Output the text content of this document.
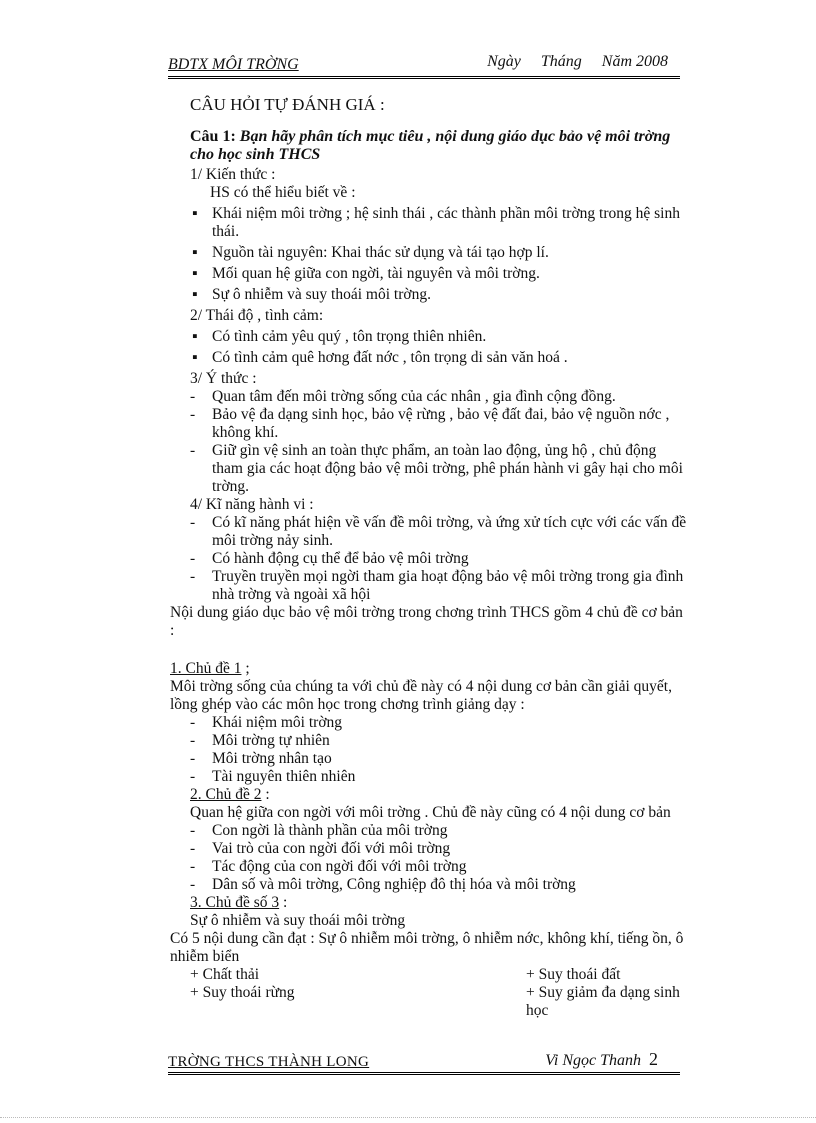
BDTX MÔI TRỜNG	Ngày Tháng Năm 2008
CÂU HỎI TỰ ĐÁNH GIÁ :
Câu 1: Bạn hãy phân tích mục tiêu , nội dung giáo dục bảo vệ môi trờng cho học sinh THCS
1/ Kiến thức :
HS có thể hiểu biết về :
▪ Khái niệm môi trờng ; hệ sinh thái , các thành phần môi trờng trong hệ sinh thái.
▪ Nguồn tài nguyên: Khai thác sử dụng và tái tạo hợp lí.
▪ Mối quan hệ giữa con ngời, tài nguyên và môi trờng.
▪ Sự ô nhiễm và suy thoái môi trờng.
2/ Thái độ , tình cảm:
▪ Có tình cảm yêu quý , tôn trọng thiên nhiên.
▪ Có tình cảm quê hơng đất nớc , tôn trọng di sản văn hoá .
3/ Ý thức :
- Quan tâm đến môi trờng sống của các nhân , gia đình cộng đồng.
- Bảo vệ đa dạng sinh học, bảo vệ rừng , bảo vệ đất đai, bảo vệ nguồn nớc , không khí.
- Giữ gìn vệ sinh an toàn thực phẩm, an toàn lao động, ủng hộ , chủ động tham gia các hoạt động bảo vệ môi trờng, phê phán hành vi gây hại cho môi trờng.
4/ Kĩ năng hành vi :
- Có kĩ năng phát hiện về vấn đề môi trờng, và ứng xử tích cực với các vấn đề môi trờng nảy sinh.
- Có hành động cụ thể để bảo vệ môi trờng
- Truyền truyền mọi ngời tham gia hoạt động bảo vệ môi trờng trong gia đình nhà trờng và ngoài xã hội
Nội dung giáo dục bảo vệ môi trờng trong chơng trình THCS gồm 4 chủ đề cơ bản :
1. Chủ đề 1 ;
Môi trờng sống của chúng ta với chủ đề này có 4 nội dung cơ bản cần giải quyết, lồng ghép vào các môn học trong chơng trình giảng dạy :
- Khái niệm môi trờng
- Môi trờng tự nhiên
- Môi trờng nhân tạo
- Tài nguyên thiên nhiên
2. Chủ đề 2 :
Quan hệ giữa con ngời với môi trờng . Chủ đề này cũng có 4 nội dung cơ bản
- Con ngời là thành phần của môi trờng
- Vai trò của con ngời đối với môi trờng
- Tác động của con ngời đối với môi trờng
- Dân số và môi trờng, Công nghiệp đô thị hóa và môi trờng
3. Chủ đề số 3 :
Sự ô nhiễm và suy thoái môi trờng
Có 5 nội dung cần đạt : Sự ô nhiễm môi trờng, ô nhiễm nớc, không khí, tiếng ồn, ô nhiễm biển
+ Chất thải	+ Suy thoái đất
+ Suy thoái rừng	+ Suy giảm đa dạng sinh học
TRỜNG THCS THÀNH LONG	Vi Ngọc Thanh 2
